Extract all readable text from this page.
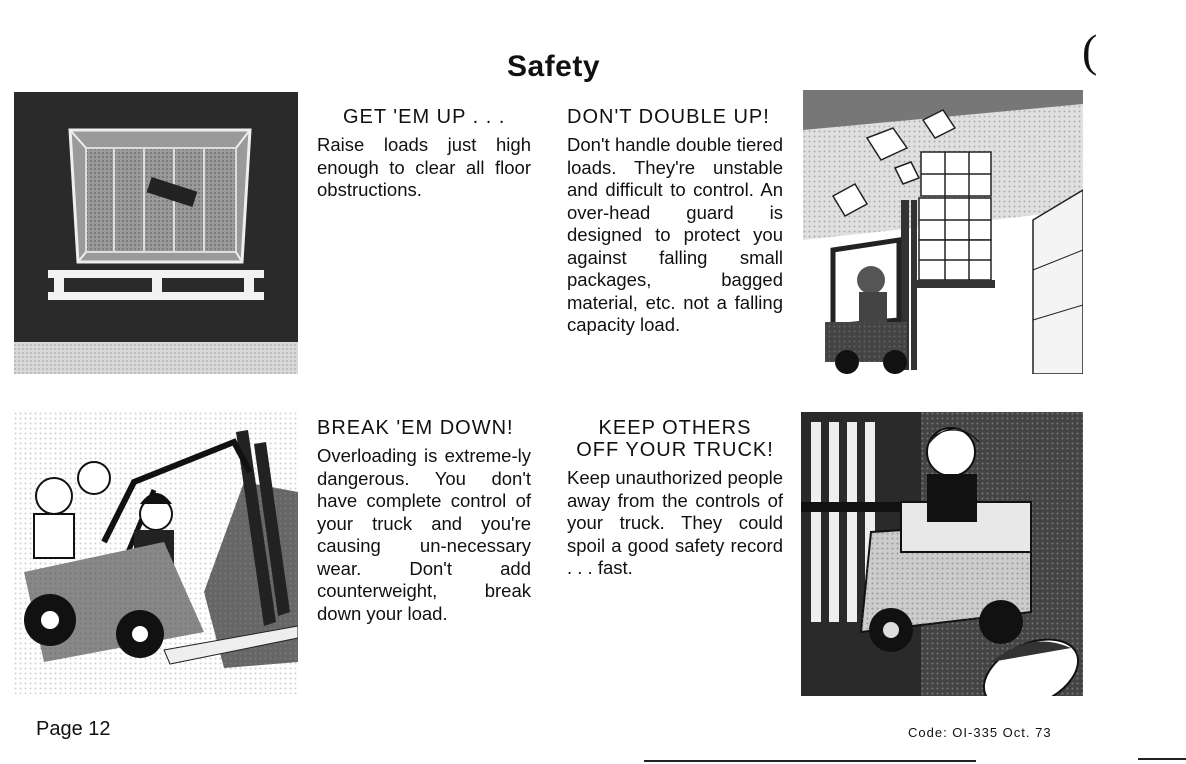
Safety	(
GET 'EM UP . . .
Raise loads just high enough to clear all floor obstructions.
DON'T DOUBLE UP!
Don't handle double tiered loads. They're unstable and difficult to control. An over-head guard is designed to protect you against falling small packages, bagged material, etc. not a falling capacity load.
BREAK 'EM DOWN!
Overloading is extreme-ly dangerous. You don't have complete control of your truck and you're causing un-necessary wear. Don't add counterweight, break down your load.
KEEP OTHERS
OFF YOUR TRUCK!
Keep unauthorized people away from the controls of your truck. They could spoil a good safety record . . . fast.
Page 12	Code: OI-335 Oct. 73
